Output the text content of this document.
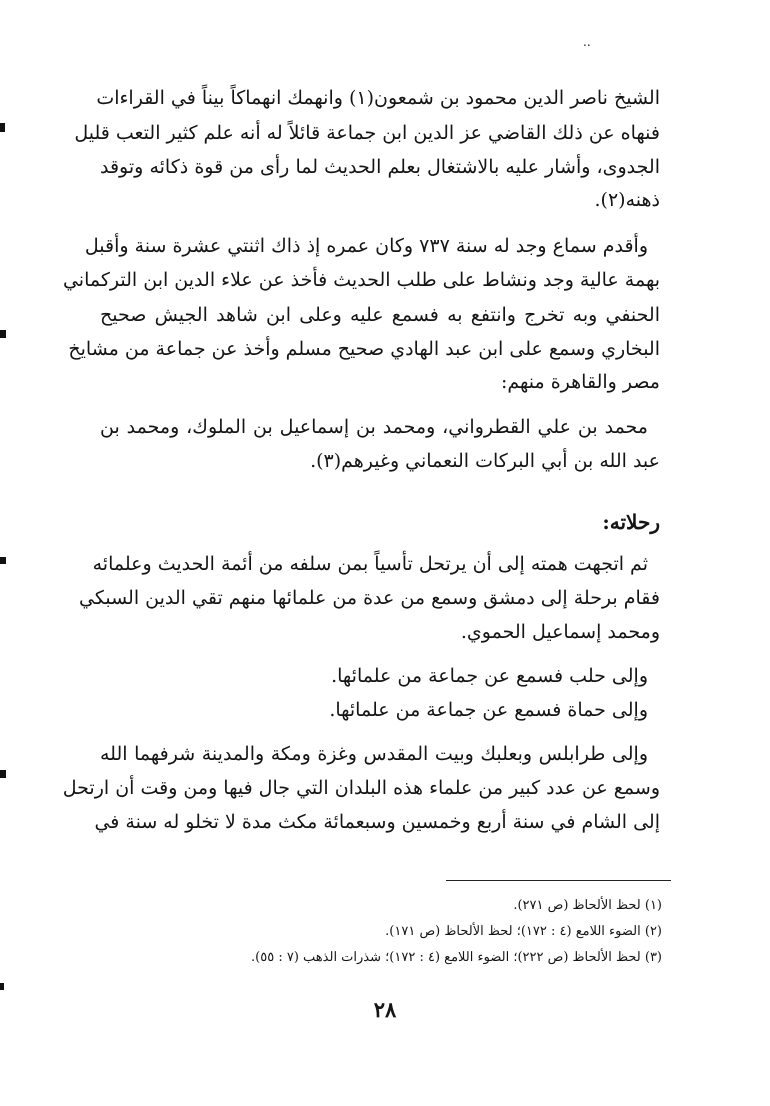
..
الشيخ ناصر الدين محمود بن شمعون(١) وانهمك انهماكاً بيناً في القراءات
فنهاه عن ذلك القاضي عز الدين ابن جماعة قائلاً له أنه علم كثير التعب قليل
الجدوى، وأشار عليه بالاشتغال بعلم الحديث لما رأى من قوة ذكائه وتوقد
ذهنه(٢).
وأقدم سماع وجد له سنة ٧٣٧ وكان عمره إذ ذاك اثنتي عشرة سنة وأقبل
بهمة عالية وجد ونشاط على طلب الحديث فأخذ عن علاء الدين ابن التركماني
الحنفي وبه تخرج وانتفع به فسمع عليه وعلى ابن شاهد الجيش صحيح
البخاري وسمع على ابن عبد الهادي صحيح مسلم وأخذ عن جماعة من مشايخ
مصر والقاهرة منهم:
محمد بن علي القطرواني، ومحمد بن إسماعيل بن الملوك، ومحمد بن
عبد الله بن أبي البركات النعماني وغيرهم(٣).
رحلاته:
ثم اتجهت همته إلى أن يرتحل تأسياً بمن سلفه من أئمة الحديث وعلمائه
فقام برحلة إلى دمشق وسمع من عدة من علمائها منهم تقي الدين السبكي
ومحمد إسماعيل الحموي.
وإلى حلب فسمع عن جماعة من علمائها.
وإلى حماة فسمع عن جماعة من علمائها.
وإلى طرابلس وبعلبك وبيت المقدس وغزة ومكة والمدينة شرفهما الله
وسمع عن عدد كبير من علماء هذه البلدان التي جال فيها ومن وقت أن ارتحل
إلى الشام في سنة أربع وخمسين وسبعمائة مكث مدة لا تخلو له سنة في
(١) لحظ الألحاظ (ص ٢٧١).
(٢) الضوء اللامع (٤ : ١٧٢)؛ لحظ الألحاظ (ص ١٧١).
(٣) لحظ الألحاظ (ص ٢٢٢)؛ الضوء اللامع (٤ : ١٧٢)؛ شذرات الذهب (٧ : ٥٥).
٢٨
